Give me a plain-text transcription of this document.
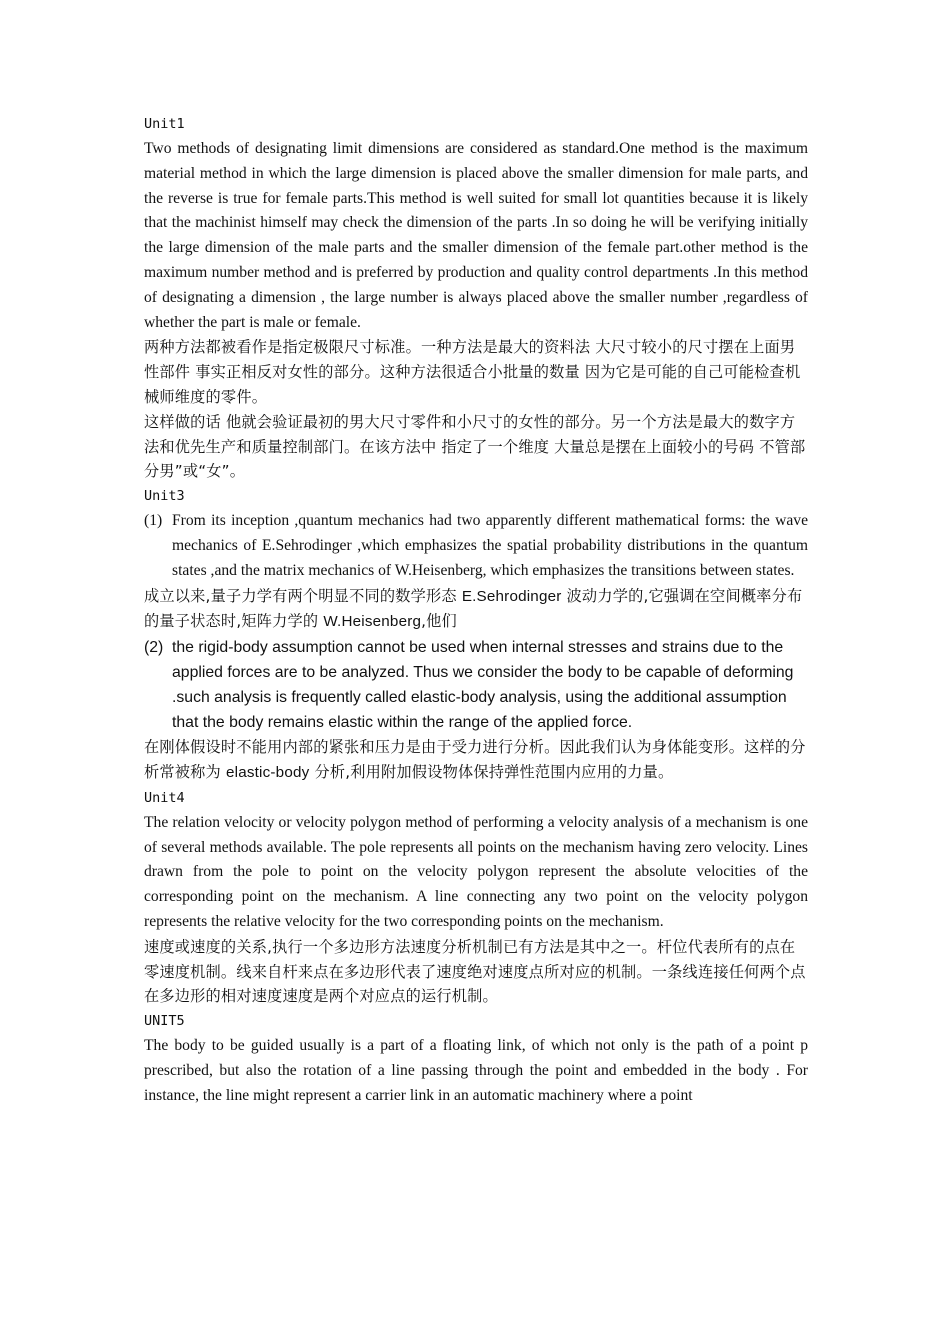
Unit1

Two methods of designating limit dimensions are considered as standard.One method is the maximum material method in which the large dimension is placed above the smaller dimension for male parts, and the reverse is true for female parts.This method is well suited for small lot quantities because it is likely that the machinist himself may check the dimension of the parts .In so doing he will be verifying initially the large dimension of the male parts and the smaller dimension of the female part.other method is the maximum number method and is preferred by production and quality control departments .In this method of designating a dimension , the large number is always placed above the smaller number ,regardless of whether the part is male or female.

两种方法都被看作是指定极限尺寸标准。一种方法是最大的资料法 大尺寸较小的尺寸摆在上面男性部件 事实正相反对女性的部分。这种方法很适合小批量的数量 因为它是可能的自己可能检查机械师维度的零件。

这样做的话 他就会验证最初的男大尺寸零件和小尺寸的女性的部分。另一个方法是最大的数字方法和优先生产和质量控制部门。在该方法中 指定了一个维度 大量总是摆在上面较小的号码 不管部分男”或“女”。

Unit3
(1) From its inception ,quantum mechanics had two apparently different mathematical forms: the wave mechanics of E.Sehrodinger ,which emphasizes the spatial probability distributions in the quantum states ,and the matrix mechanics of W.Heisenberg, which emphasizes the transitions between states.

成立以来,量子力学有两个明显不同的数学形态 E.Sehrodinger 波动力学的,它强调在空间概率分布的量子状态时,矩阵力学的 W.Heisenberg,他们

(2) the rigid-body assumption cannot be used when internal stresses and strains due to the applied forces are to be analyzed. Thus we consider the body to be capable of deforming .such analysis is frequently called elastic-body analysis, using the additional assumption that the body remains elastic within the range of the applied force.

在刚体假设时不能用内部的紧张和压力是由于受力进行分析。因此我们认为身体能变形。这样的分析常被称为 elastic-body 分析,利用附加假设物体保持弹性范围内应用的力量。

Unit4

The relation velocity or velocity polygon method of performing a velocity analysis of a mechanism is one of several methods available. The pole represents all points on the mechanism having zero velocity. Lines drawn from the pole to point on the velocity polygon represent the absolute velocities of the corresponding point on the mechanism. A line connecting any two point on the velocity polygon represents the relative velocity for the two corresponding points on the mechanism.

速度或速度的关系,执行一个多边形方法速度分析机制已有方法是其中之一。杆位代表所有的点在零速度机制。线来自杆来点在多边形代表了速度绝对速度点所对应的机制。一条线连接任何两个点在多边形的相对速度速度是两个对应点的运行机制。

UNIT5

The body to be guided usually is a part of a floating link, of which not only is the path of a point p prescribed, but also the rotation of a line passing through the point and embedded in the body . For instance, the line might represent a carrier link in an automatic machinery where a point
